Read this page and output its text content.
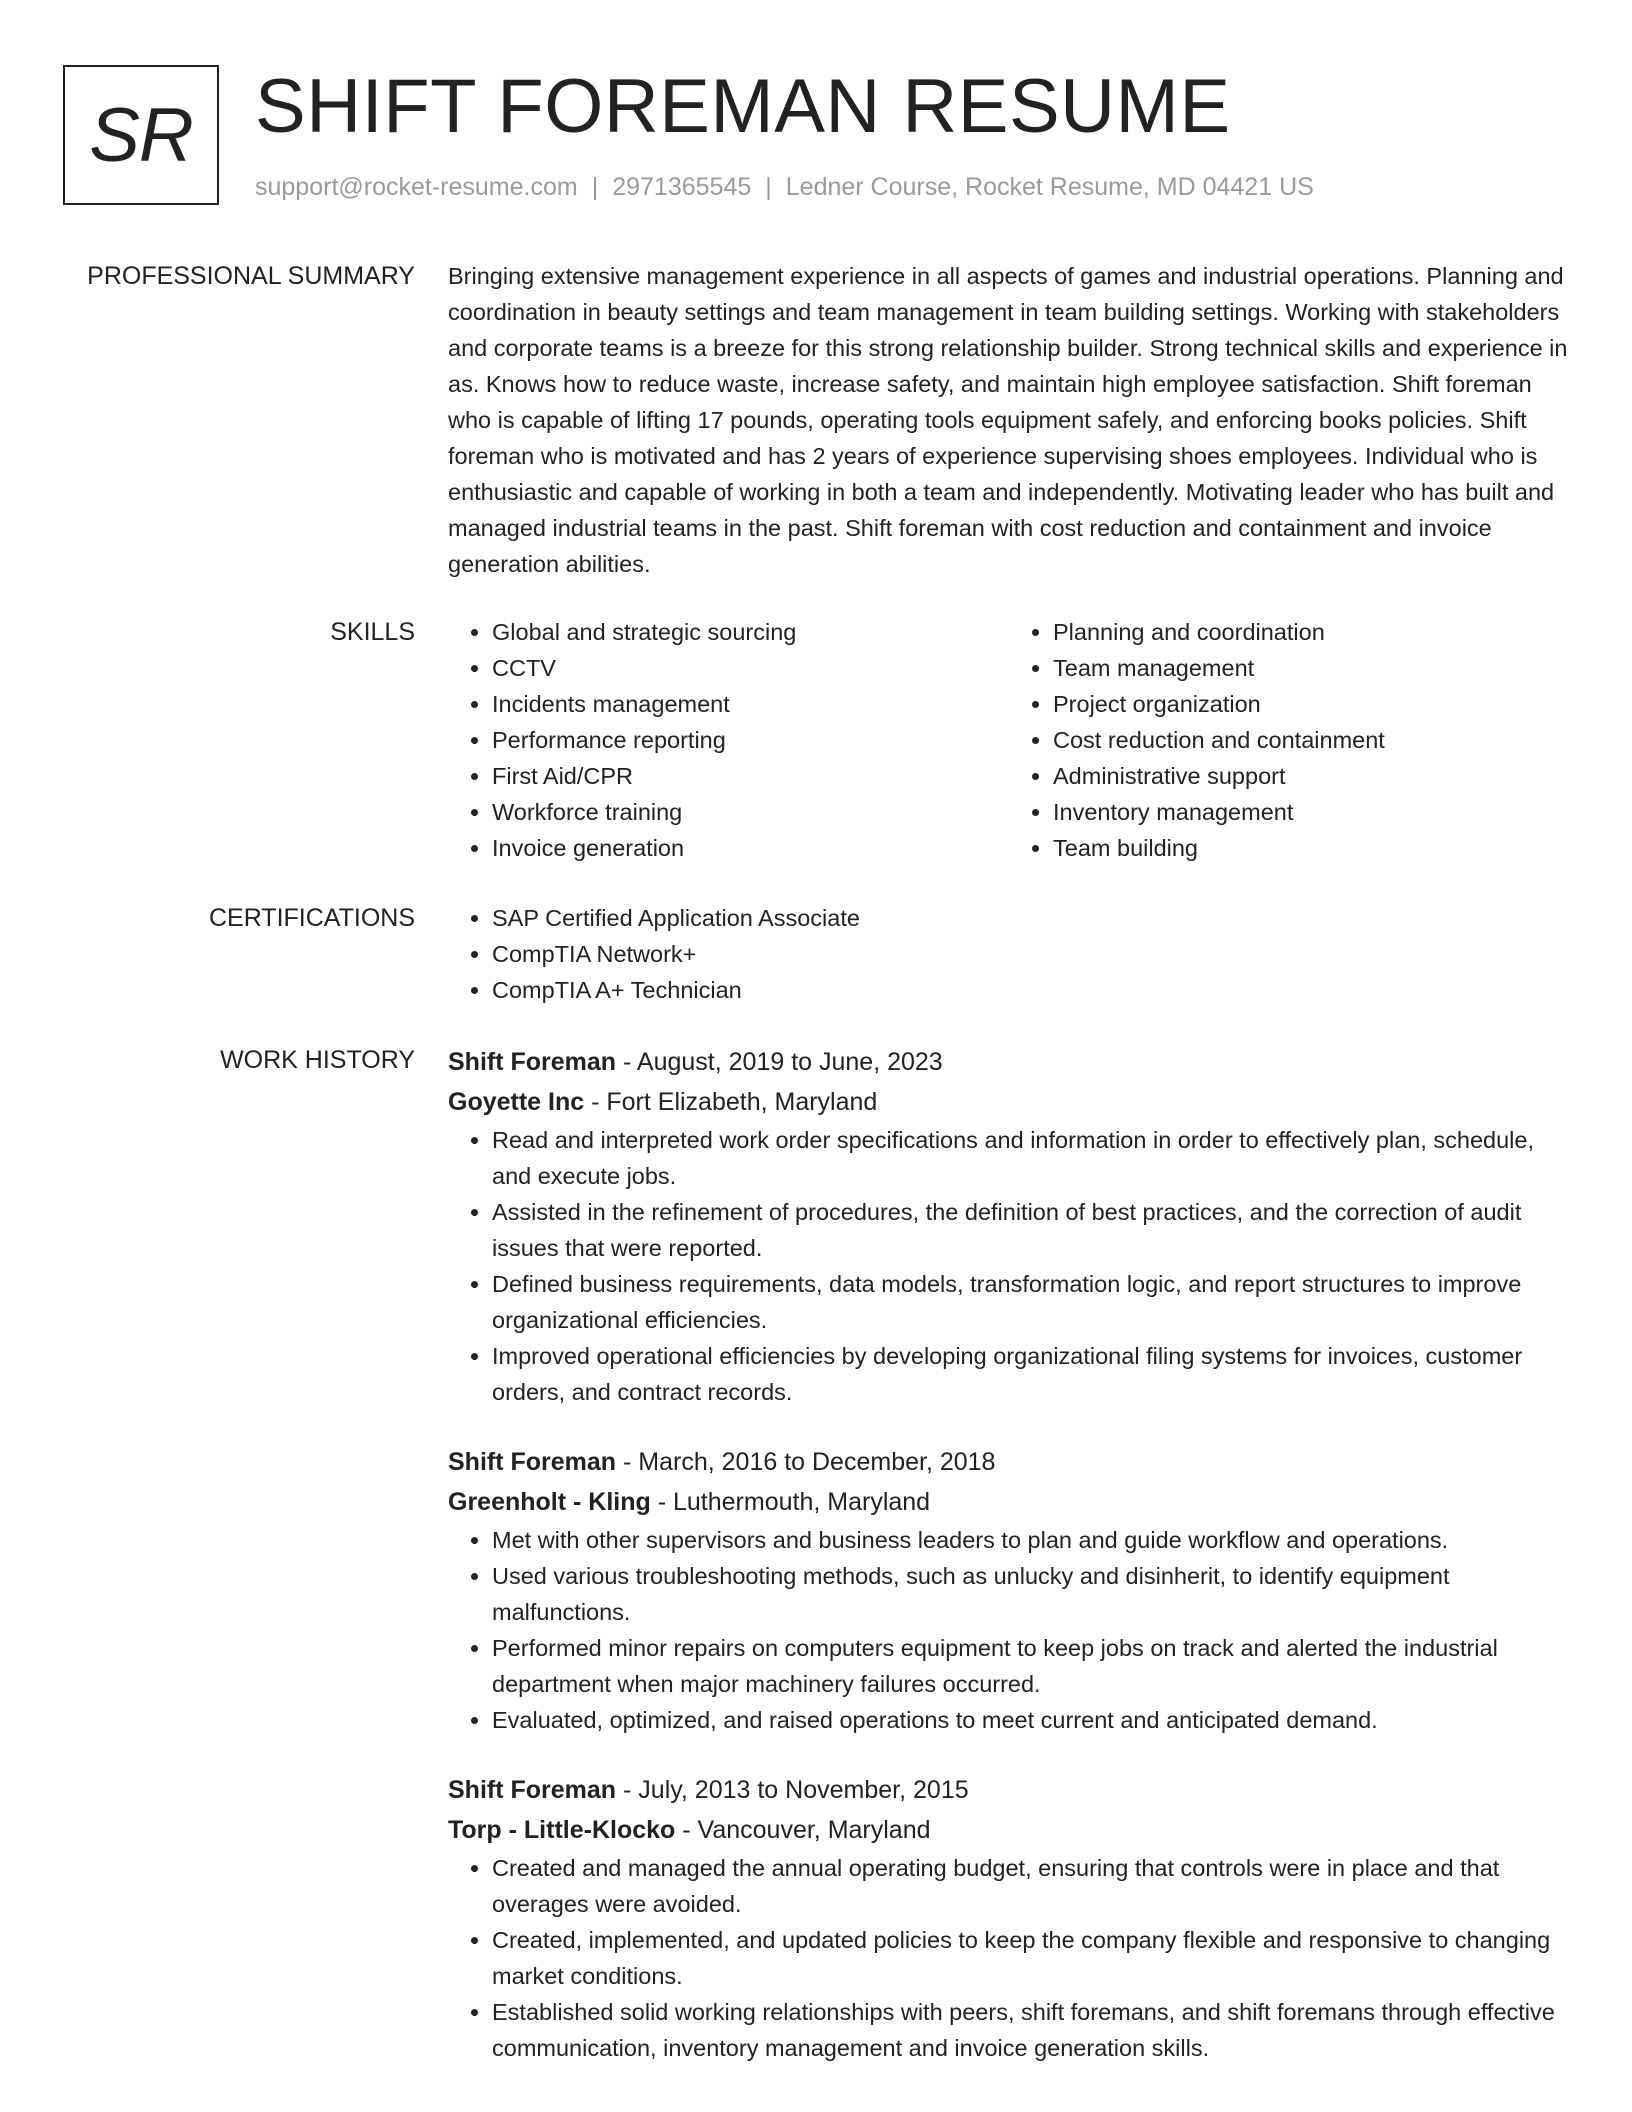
SR SHIFT FOREMAN RESUME
support@rocket-resume.com | 2971365545 | Ledner Course, Rocket Resume, MD 04421 US
PROFESSIONAL SUMMARY Bringing extensive management experience in all aspects of games and industrial operations. Planning and coordination in beauty settings and team management in team building settings. Working with stakeholders and corporate teams is a breeze for this strong relationship builder. Strong technical skills and experience in as. Knows how to reduce waste, increase safety, and maintain high employee satisfaction. Shift foreman who is capable of lifting 17 pounds, operating tools equipment safely, and enforcing books policies. Shift foreman who is motivated and has 2 years of experience supervising shoes employees. Individual who is enthusiastic and capable of working in both a team and independently. Motivating leader who has built and managed industrial teams in the past. Shift foreman with cost reduction and containment and invoice generation abilities.

SKILLS	• Global and strategic sourcing
• CCTV
• Incidents management
• Performance reporting
• First Aid/CPR
• Workforce training
• Invoice generation
• Planning and coordination
• Team management
• Project organization
• Cost reduction and containment
• Administrative support
• Inventory management
• Team building
CERTIFICATIONS	• SAP Certified Application Associate
• CompTIA Network+
• CompTIA A+ Technician
WORK HISTORY Shift Foreman - August, 2019 to June, 2023
Goyette Inc - Fort Elizabeth, Maryland
• Read and interpreted work order specifications and information in order to effectively plan, schedule, and execute jobs.
• Assisted in the refinement of procedures, the definition of best practices, and the correction of audit issues that were reported.
• Defined business requirements, data models, transformation logic, and report structures to improve organizational efficiencies.
• Improved operational efficiencies by developing organizational filing systems for invoices, customer orders, and contract records.
Shift Foreman - March, 2016 to December, 2018
Greenholt - Kling - Luthermouth, Maryland
• Met with other supervisors and business leaders to plan and guide workflow and operations.
• Used various troubleshooting methods, such as unlucky and disinherit, to identify equipment malfunctions.
• Performed minor repairs on computers equipment to keep jobs on track and alerted the industrial department when major machinery failures occurred.
• Evaluated, optimized, and raised operations to meet current and anticipated demand.
Shift Foreman - July, 2013 to November, 2015
Torp - Little-Klocko - Vancouver, Maryland
• Created and managed the annual operating budget, ensuring that controls were in place and that overages were avoided.
• Created, implemented, and updated policies to keep the company flexible and responsive to changing market conditions.
• Established solid working relationships with peers, shift foremans, and shift foremans through effective communication, inventory management and invoice generation skills.
